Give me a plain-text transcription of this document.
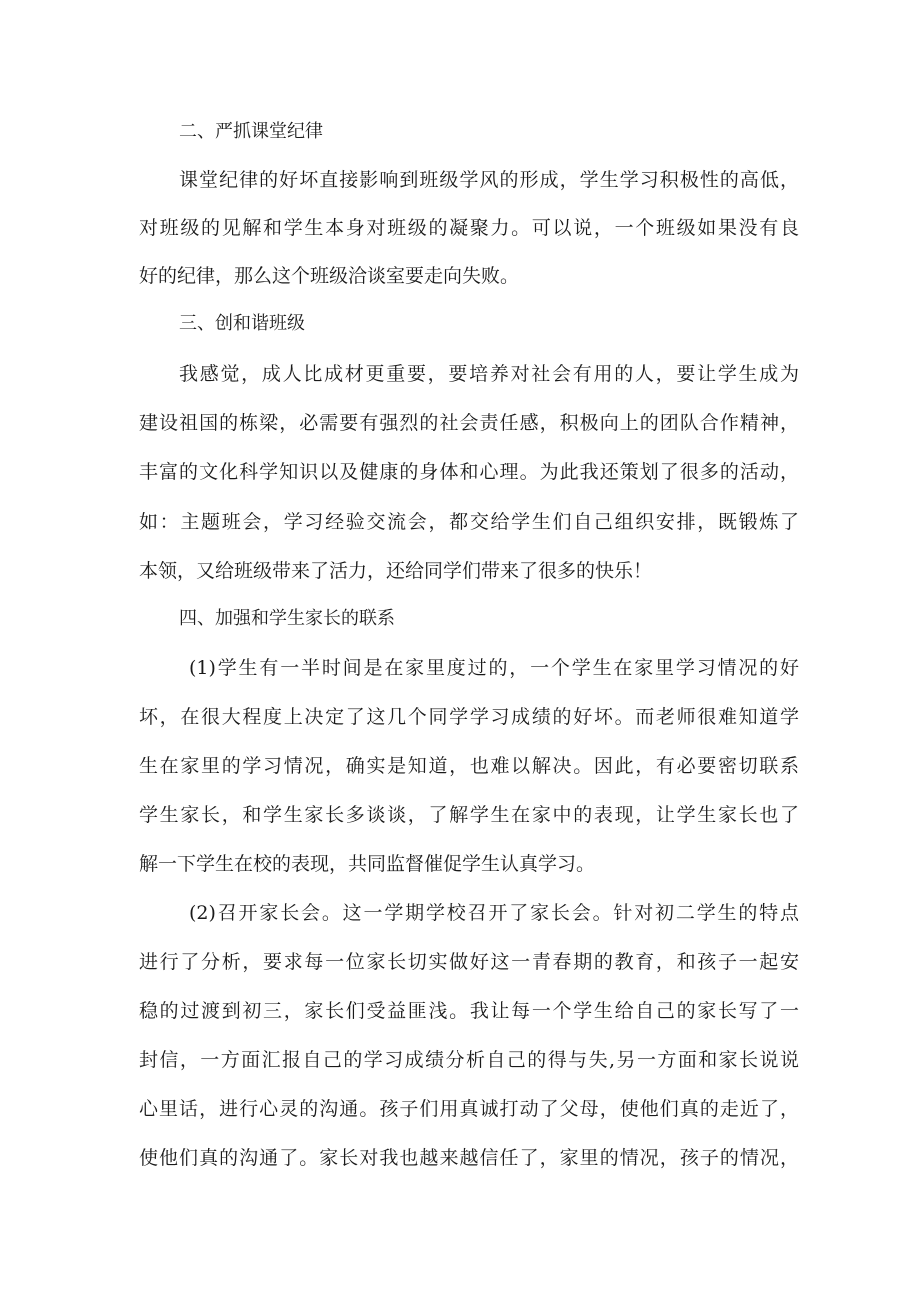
二、严抓课堂纪律
课堂纪律的好坏直接影响到班级学风的形成，学生学习积极性的高低，
对班级的见解和学生本身对班级的凝聚力。可以说，一个班级如果没有良
好的纪律，那么这个班级洽谈室要走向失败。
三、创和谐班级
我感觉，成人比成材更重要，要培养对社会有用的人，要让学生成为
建设祖国的栋梁，必需要有强烈的社会责任感，积极向上的团队合作精神，
丰富的文化科学知识以及健康的身体和心理。为此我还策划了很多的活动，
如：主题班会，学习经验交流会，都交给学生们自己组织安排，既锻炼了
本领，又给班级带来了活力，还给同学们带来了很多的快乐！
四、加强和学生家长的联系
(1)学生有一半时间是在家里度过的，一个学生在家里学习情况的好
坏，在很大程度上决定了这几个同学学习成绩的好坏。而老师很难知道学
生在家里的学习情况，确实是知道，也难以解决。因此，有必要密切联系
学生家长，和学生家长多谈谈，了解学生在家中的表现，让学生家长也了
解一下学生在校的表现，共同监督催促学生认真学习。
(2)召开家长会。这一学期学校召开了家长会。针对初二学生的特点
进行了分析，要求每一位家长切实做好这一青春期的教育，和孩子一起安
稳的过渡到初三，家长们受益匪浅。我让每一个学生给自己的家长写了一
封信，一方面汇报自己的学习成绩分析自己的得与失,另一方面和家长说说
心里话，进行心灵的沟通。孩子们用真诚打动了父母，使他们真的走近了，
使他们真的沟通了。家长对我也越来越信任了，家里的情况，孩子的情况，
